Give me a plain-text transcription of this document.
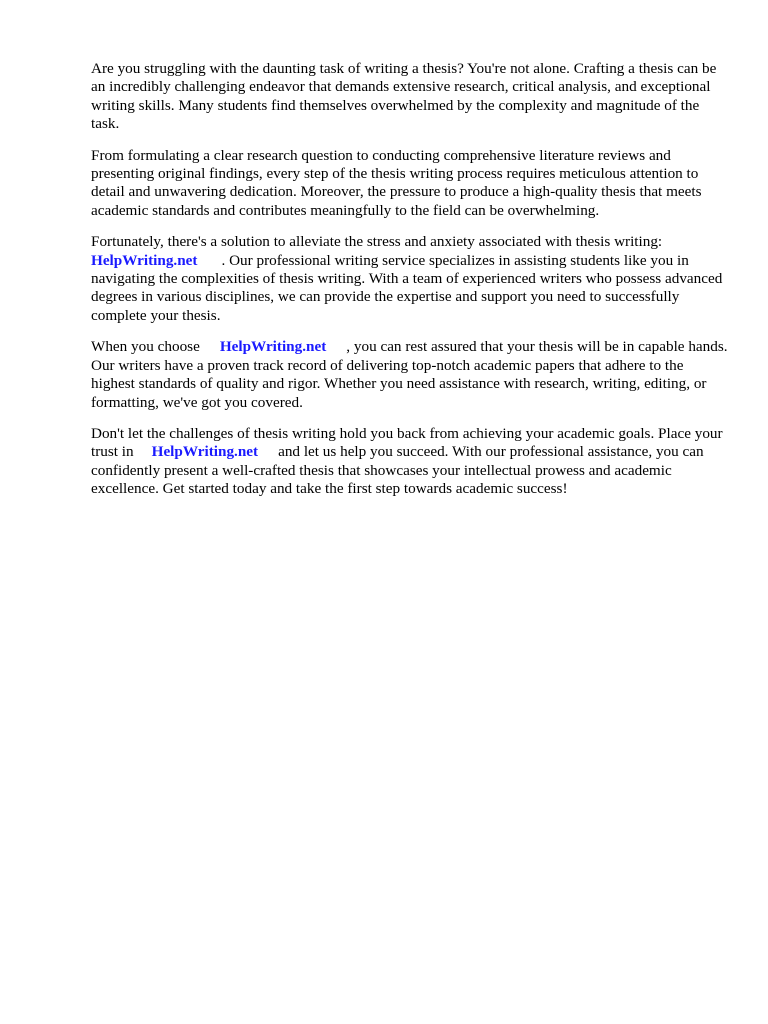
Are you struggling with the daunting task of writing a thesis? You're not alone. Crafting a thesis can be an incredibly challenging endeavor that demands extensive research, critical analysis, and exceptional writing skills. Many students find themselves overwhelmed by the complexity and magnitude of the task.

From formulating a clear research question to conducting comprehensive literature reviews and presenting original findings, every step of the thesis writing process requires meticulous attention to detail and unwavering dedication. Moreover, the pressure to produce a high-quality thesis that meets academic standards and contributes meaningfully to the field can be overwhelming.

Fortunately, there's a solution to alleviate the stress and anxiety associated with thesis writing:
HelpWriting.net . Our professional writing service specializes in assisting students like you in navigating the complexities of thesis writing. With a team of experienced writers who possess advanced degrees in various disciplines, we can provide the expertise and support you need to successfully complete your thesis.

When you choose HelpWriting.net , you can rest assured that your thesis will be in capable hands. Our writers have a proven track record of delivering top-notch academic papers that adhere to the highest standards of quality and rigor. Whether you need assistance with research, writing, editing, or formatting, we've got you covered.

Don't let the challenges of thesis writing hold you back from achieving your academic goals. Place your trust in HelpWriting.net and let us help you succeed. With our professional assistance, you can confidently present a well-crafted thesis that showcases your intellectual prowess and academic excellence. Get started today and take the first step towards academic success!
